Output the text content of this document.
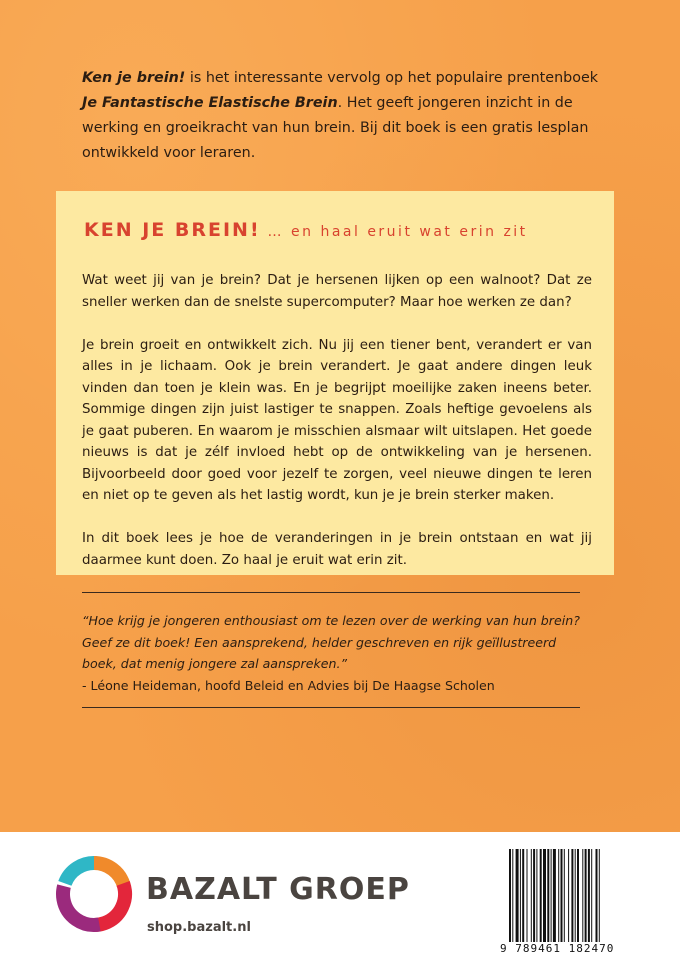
Ken je brein! is het interessante vervolg op het populaire prentenboek Je Fantastische Elastische Brein. Het geeft jongeren inzicht in de werking en groeikracht van hun brein. Bij dit boek is een gratis lesplan ontwikkeld voor leraren.
KEN JE BREIN! … en haal eruit wat erin zit

Wat weet jij van je brein? Dat je hersenen lijken op een walnoot? Dat ze sneller werken dan de snelste supercomputer? Maar hoe werken ze dan?

Je brein groeit en ontwikkelt zich. Nu jij een tiener bent, verandert er van alles in je lichaam. Ook je brein verandert. Je gaat andere dingen leuk vinden dan toen je klein was. En je begrijpt moeilijke zaken ineens beter. Sommige dingen zijn juist lastiger te snappen. Zoals heftige gevoelens als je gaat puberen. En waarom je misschien alsmaar wilt uitslapen. Het goede nieuws is dat je zélf invloed hebt op de ontwikkeling van je hersenen. Bijvoorbeeld door goed voor jezelf te zorgen, veel nieuwe dingen te leren en niet op te geven als het lastig wordt, kun je je brein sterker maken.

In dit boek lees je hoe de veranderingen in je brein ontstaan en wat jij daarmee kunt doen. Zo haal je eruit wat erin zit.

“Hoe krijg je jongeren enthousiast om te lezen over de werking van hun brein? Geef ze dit boek! Een aansprekend, helder geschreven en rijk geïllustreerd boek, dat menig jongere zal aanspreken.”
- Léone Heideman, hoofd Beleid en Advies bij De Haagse Scholen
BAZALT GROEP
shop.bazalt.nl
9 789461 182470
